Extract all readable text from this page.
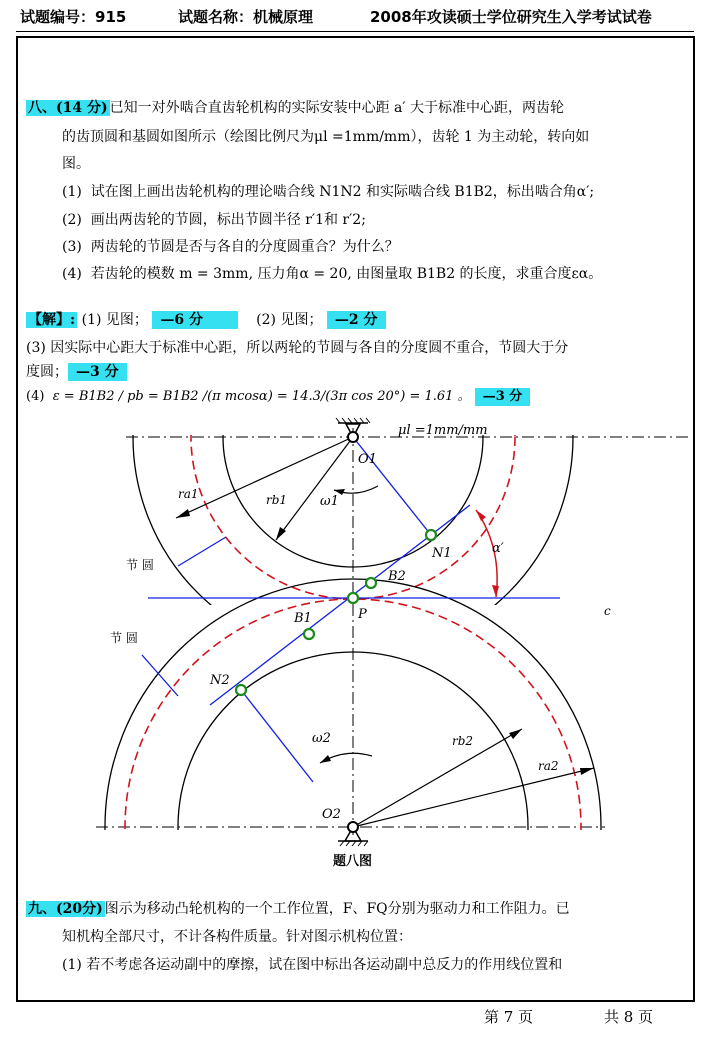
试题编号：915	试题名称：机械原理	2008年攻读硕士学位研究生入学考试试卷
八、(14 分) 已知一对外啮合直齿轮机构的实际安装中心距 a′ 大于标准中心距，两齿轮
的齿顶圆和基圆如图所示（绘图比例尺为μl =1mm/mm），齿轮 1 为主动轮，转向如
图。
(1) 试在图上画出齿轮机构的理论啮合线 N1N2 和实际啮合线 B1B2，标出啮合角α′;
(2) 画出两齿轮的节圆，标出节圆半径 r′1和 r′2;
(3) 两齿轮的节圆是否与各自的分度圆重合？为什么？
(4) 若齿轮的模数 m = 3mm, 压力角α = 20, 由图量取 B1B2 的长度，求重合度εα。
【解】: (1) 见图； —6 分	(2) 见图； —2 分
(3) 因实际中心距大于标准中心距，所以两轮的节圆与各自的分度圆不重合，节圆大于分
度圆； —3 分
(4) ε = B1B2 / pb = B1B2 /(π mcosα) = 14.3/(3π cos 20°) = 1.61 。 —3 分
μl =1mm/mm
O1
O2
P
N1
N2
B1
B2
ra1	rb1
rb2
ra2
ω1
ω2
α′
节 圆
节 圆
c
题八图
九、(20分) 图示为移动凸轮机构的一个工作位置，F、FQ分别为驱动力和工作阻力。已
知机构全部尺寸，不计各构件质量。针对图示机构位置：
(1) 若不考虑各运动副中的摩擦，试在图中标出各运动副中总反力的作用线位置和
第 7 页	共 8 页
